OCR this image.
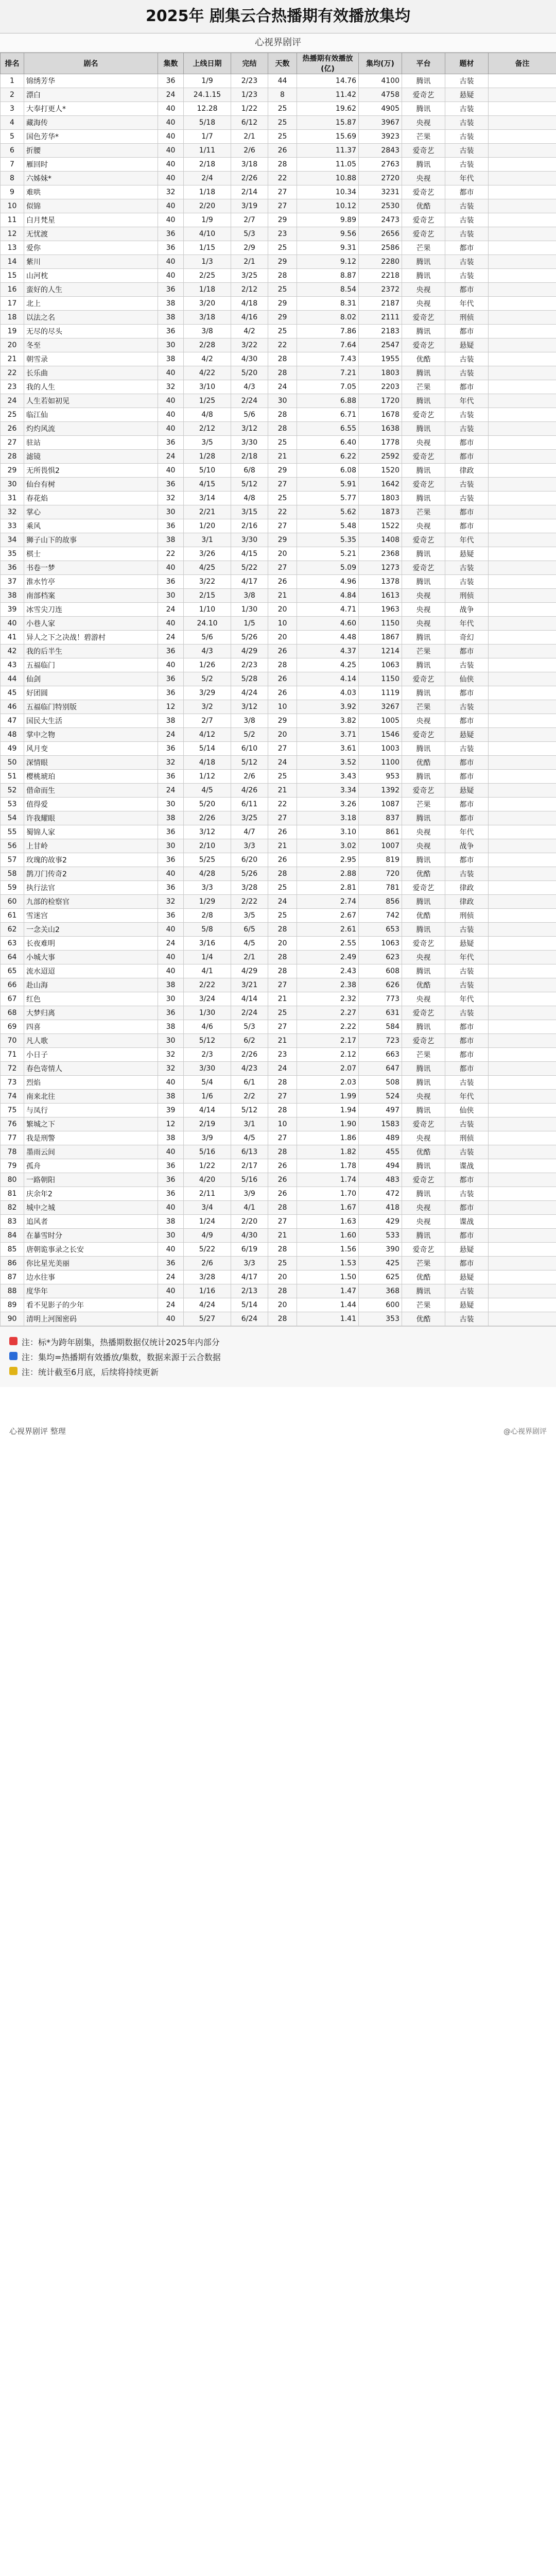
2025年 剧集云合热播期有效播放集均
心视界剧评
排名	剧名	集数	上线日期	完结	天数	热播期有效播放(亿)	集均(万)	平台	题材	备注
1	锦绣芳华	36	1/9	2/23	44	14.76	4100	腾讯	古装	
2	漂白	24	24.1.15	1/23	8	11.42	4758	爱奇艺	悬疑	
3	大奉打更人*	40	12.28	1/22	25	19.62	4905	腾讯	古装	
4	藏海传	40	5/18	6/12	25	15.87	3967	央视	古装	
5	国色芳华*	40	1/7	2/1	25	15.69	3923	芒果	古装	
6	折腰	40	1/11	2/6	26	11.37	2843	爱奇艺	古装	
7	雁回时	40	2/18	3/18	28	11.05	2763	腾讯	古装	
8	六姊妹*	40	2/4	2/26	22	10.88	2720	央视	年代	
9	难哄	32	1/18	2/14	27	10.34	3231	爱奇艺	都市	
10	似锦	40	2/20	3/19	27	10.12	2530	优酷	古装	
11	白月梵星	40	1/9	2/7	29	9.89	2473	爱奇艺	古装	
12	无忧渡	36	4/10	5/3	23	9.56	2656	爱奇艺	古装	
13	爱你	36	1/15	2/9	25	9.31	2586	芒果	都市	
14	紫川	40	1/3	2/1	29	9.12	2280	腾讯	古装	
15	山河枕	40	2/25	3/25	28	8.87	2218	腾讯	古装	
16	蛮好的人生	36	1/18	2/12	25	8.54	2372	央视	都市	
17	北上	38	3/20	4/18	29	8.31	2187	央视	年代	
18	以法之名	38	3/18	4/16	29	8.02	2111	爱奇艺	刑侦	
19	无尽的尽头	36	3/8	4/2	25	7.86	2183	腾讯	都市	
20	冬至	30	2/28	3/22	22	7.64	2547	爱奇艺	悬疑	
21	朝雪录	38	4/2	4/30	28	7.43	1955	优酷	古装	
22	长乐曲	40	4/22	5/20	28	7.21	1803	腾讯	古装	
23	我的人生	32	3/10	4/3	24	7.05	2203	芒果	都市	
24	人生若如初见	40	1/25	2/24	30	6.88	1720	腾讯	年代	
25	临江仙	40	4/8	5/6	28	6.71	1678	爱奇艺	古装	
26	灼灼风流	40	2/12	3/12	28	6.55	1638	腾讯	古装	
27	驻站	36	3/5	3/30	25	6.40	1778	央视	都市	
28	滤镜	24	1/28	2/18	21	6.22	2592	爱奇艺	都市	
29	无所畏惧2	40	5/10	6/8	29	6.08	1520	腾讯	律政	
30	仙台有树	36	4/15	5/12	27	5.91	1642	爱奇艺	古装	
31	春花焰	32	3/14	4/8	25	5.77	1803	腾讯	古装	
32	掌心	30	2/21	3/15	22	5.62	1873	芒果	都市	
33	乘风	36	1/20	2/16	27	5.48	1522	央视	都市	
34	狮子山下的故事	38	3/1	3/30	29	5.35	1408	爱奇艺	年代	
35	棋士	22	3/26	4/15	20	5.21	2368	腾讯	悬疑	
36	书卷一梦	40	4/25	5/22	27	5.09	1273	爱奇艺	古装	
37	淮水竹亭	36	3/22	4/17	26	4.96	1378	腾讯	古装	
38	南部档案	30	2/15	3/8	21	4.84	1613	央视	刑侦	
39	冰雪尖刀连	24	1/10	1/30	20	4.71	1963	央视	战争	
40	小巷人家	40	24.10	1/5	10	4.60	1150	央视	年代	
41	异人之下之决战！碧游村	24	5/6	5/26	20	4.48	1867	腾讯	奇幻	
42	我的后半生	36	4/3	4/29	26	4.37	1214	芒果	都市	
43	五福临门	40	1/26	2/23	28	4.25	1063	腾讯	古装	
44	仙剑	36	5/2	5/28	26	4.14	1150	爱奇艺	仙侠	
45	好团圆	36	3/29	4/24	26	4.03	1119	腾讯	都市	
46	五福临门特别版	12	3/2	3/12	10	3.92	3267	芒果	古装	
47	国民大生活	38	2/7	3/8	29	3.82	1005	央视	都市	
48	掌中之物	24	4/12	5/2	20	3.71	1546	爱奇艺	悬疑	
49	风月变	36	5/14	6/10	27	3.61	1003	腾讯	古装	
50	深情眼	32	4/18	5/12	24	3.52	1100	优酷	都市	
51	樱桃琥珀	36	1/12	2/6	25	3.43	953	腾讯	都市	
52	借命而生	24	4/5	4/26	21	3.34	1392	爱奇艺	悬疑	
53	值得爱	30	5/20	6/11	22	3.26	1087	芒果	都市	
54	许我耀眼	38	2/26	3/25	27	3.18	837	腾讯	都市	
55	蜀锦人家	36	3/12	4/7	26	3.10	861	央视	年代	
56	上甘岭	30	2/10	3/3	21	3.02	1007	央视	战争	
57	玫瑰的故事2	36	5/25	6/20	26	2.95	819	腾讯	都市	
58	鹊刀门传奇2	40	4/28	5/26	28	2.88	720	优酷	古装	
59	执行法官	36	3/3	3/28	25	2.81	781	爱奇艺	律政	
60	九部的检察官	32	1/29	2/22	24	2.74	856	腾讯	律政	
61	雪迷宫	36	2/8	3/5	25	2.67	742	优酷	刑侦	
62	一念关山2	40	5/8	6/5	28	2.61	653	腾讯	古装	
63	长夜难明	24	3/16	4/5	20	2.55	1063	爱奇艺	悬疑	
64	小城大事	40	1/4	2/1	28	2.49	623	央视	年代	
65	流水迢迢	40	4/1	4/29	28	2.43	608	腾讯	古装	
66	赴山海	38	2/22	3/21	27	2.38	626	优酷	古装	
67	红色	30	3/24	4/14	21	2.32	773	央视	年代	
68	大梦归离	36	1/30	2/24	25	2.27	631	爱奇艺	古装	
69	四喜	38	4/6	5/3	27	2.22	584	腾讯	都市	
70	凡人歌	30	5/12	6/2	21	2.17	723	爱奇艺	都市	
71	小日子	32	2/3	2/26	23	2.12	663	芒果	都市	
72	春色寄情人	32	3/30	4/23	24	2.07	647	腾讯	都市	
73	烈焰	40	5/4	6/1	28	2.03	508	腾讯	古装	
74	南来北往	38	1/6	2/2	27	1.99	524	央视	年代	
75	与凤行	39	4/14	5/12	28	1.94	497	腾讯	仙侠	
76	繁城之下	12	2/19	3/1	10	1.90	1583	爱奇艺	古装	
77	我是刑警	38	3/9	4/5	27	1.86	489	央视	刑侦	
78	墨雨云间	40	5/16	6/13	28	1.82	455	优酷	古装	
79	孤舟	36	1/22	2/17	26	1.78	494	腾讯	谍战	
80	一路朝阳	36	4/20	5/16	26	1.74	483	爱奇艺	都市	
81	庆余年2	36	2/11	3/9	26	1.70	472	腾讯	古装	
82	城中之城	40	3/4	4/1	28	1.67	418	央视	都市	
83	追风者	38	1/24	2/20	27	1.63	429	央视	谍战	
84	在暴雪时分	30	4/9	4/30	21	1.60	533	腾讯	都市	
85	唐朝诡事录之长安	40	5/22	6/19	28	1.56	390	爱奇艺	悬疑	
86	你比星光美丽	36	2/6	3/3	25	1.53	425	芒果	都市	
87	边水往事	24	3/28	4/17	20	1.50	625	优酷	悬疑	
88	度华年	40	1/16	2/13	28	1.47	368	腾讯	古装	
89	看不见影子的少年	24	4/24	5/14	20	1.44	600	芒果	悬疑	
90	清明上河图密码	40	5/27	6/24	28	1.41	353	优酷	古装	

注：标*为跨年剧集，热播期数据仅统计2025年内部分

注：集均=热播期有效播放/集数，数据来源于云合数据

注：统计截至6月底，后续将持续更新

心视界剧评 整理	@心视界剧评
